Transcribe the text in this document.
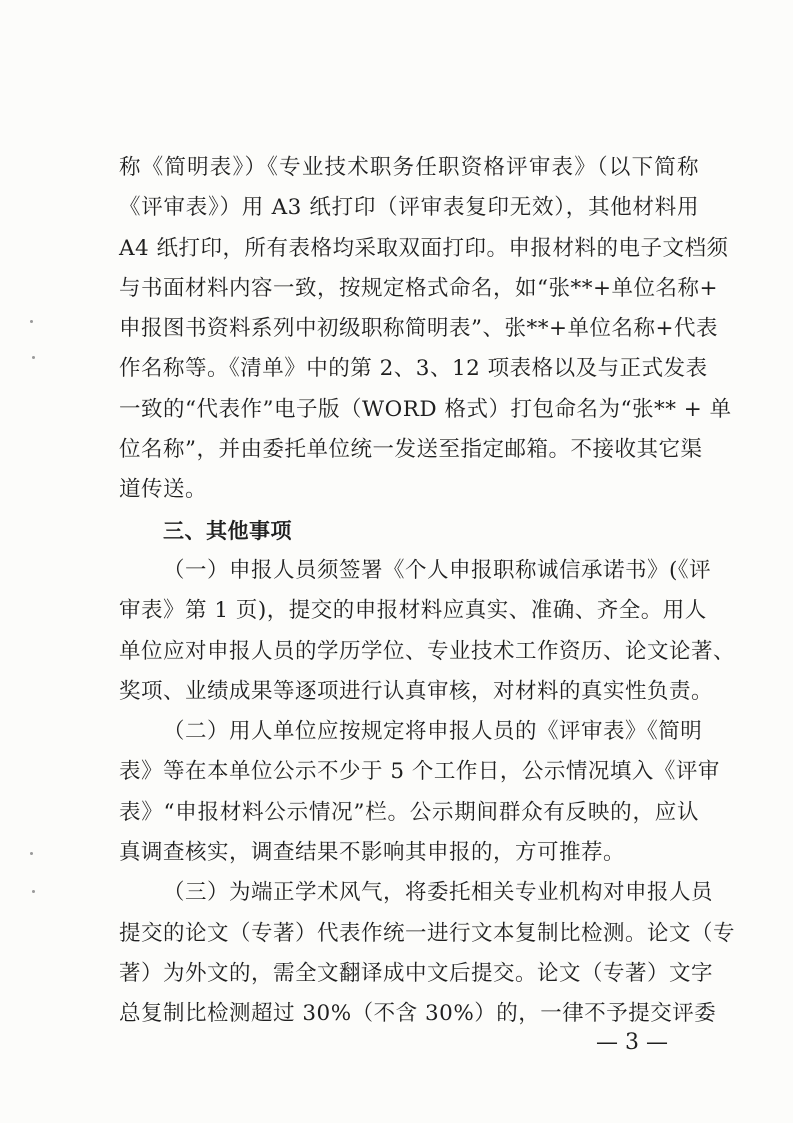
称《简明表》）《专业技术职务任职资格评审表》（以下简称
《评审表》）用 A3 纸打印（评审表复印无效），其他材料用
A4 纸打印，所有表格均采取双面打印。申报材料的电子文档须
与书面材料内容一致，按规定格式命名，如“张**+单位名称+
申报图书资料系列中初级职称简明表”、张**+单位名称+代表
作名称等。《清单》中的第 2、3、12 项表格以及与正式发表
一致的“代表作”电子版（WORD 格式）打包命名为“张** + 单
位名称”，并由委托单位统一发送至指定邮箱。不接收其它渠
道传送。
三、其他事项
（一）申报人员须签署《个人申报职称诚信承诺书》(《评
审表》第 1 页)，提交的申报材料应真实、准确、齐全。用人
单位应对申报人员的学历学位、专业技术工作资历、论文论著、
奖项、业绩成果等逐项进行认真审核，对材料的真实性负责。
（二）用人单位应按规定将申报人员的《评审表》《简明
表》等在本单位公示不少于 5 个工作日，公示情况填入《评审
表》“申报材料公示情况”栏。公示期间群众有反映的，应认
真调查核实，调查结果不影响其申报的，方可推荐。
（三）为端正学术风气，将委托相关专业机构对申报人员
提交的论文（专著）代表作统一进行文本复制比检测。论文（专
著）为外文的，需全文翻译成中文后提交。论文（专著）文字
总复制比检测超过 30%（不含 30%）的，一律不予提交评委
— 3 —
